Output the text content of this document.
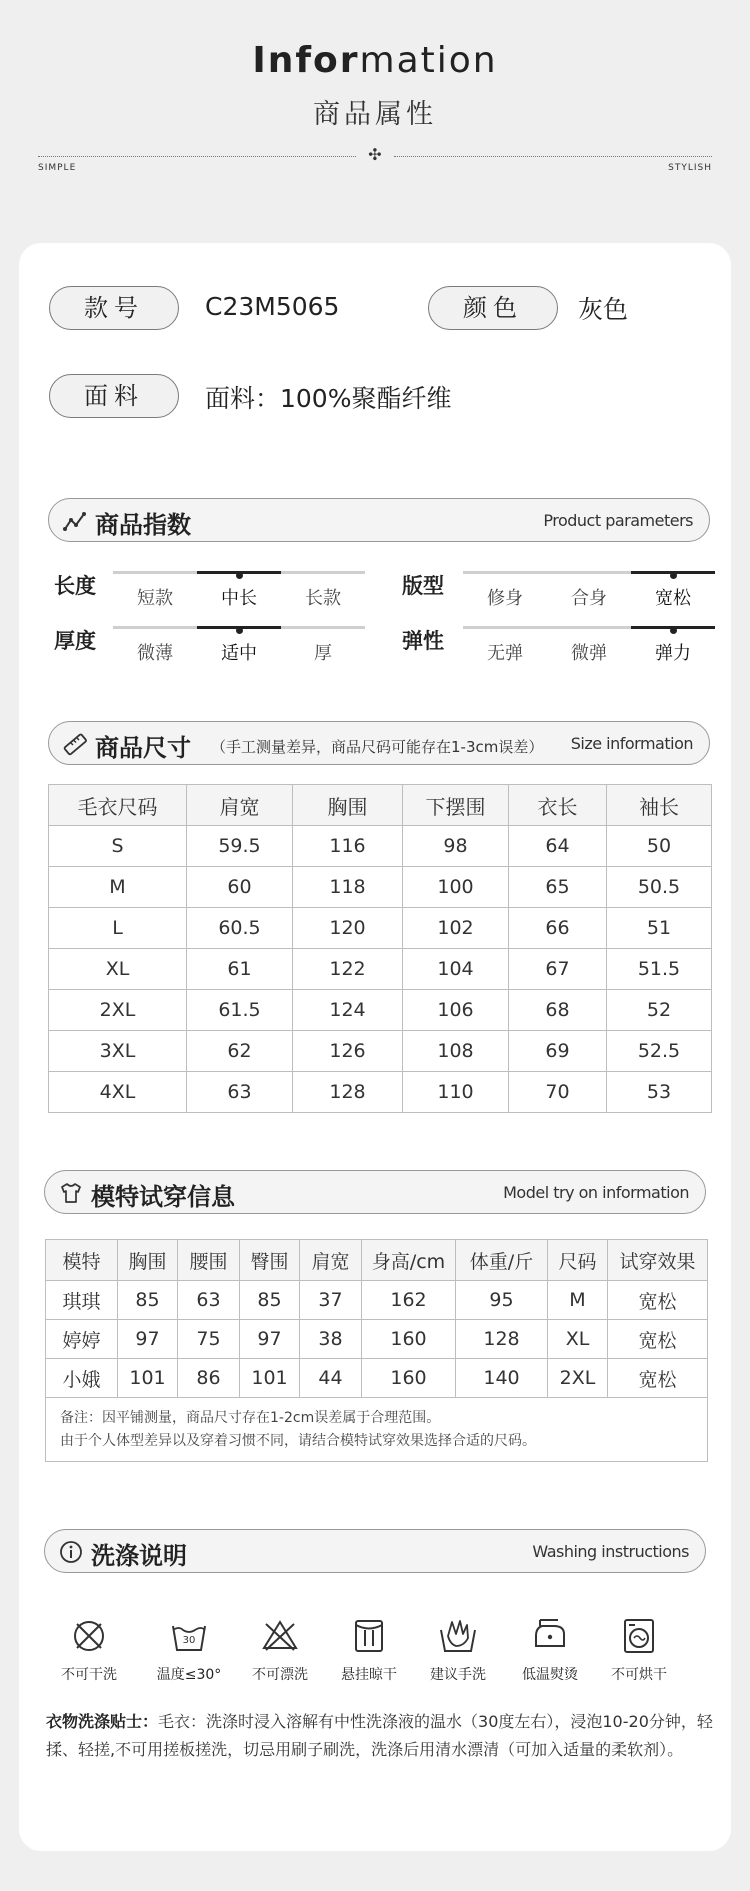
Information
商品属性
✣
SIMPLE	STYLISH
款号	C23M5065	颜色	灰色
面料	面料：100%聚酯纤维
商品指数	Product parameters
长度
短款	中长	长款
版型
修身	合身	宽松
厚度
微薄	适中	厚
弹性
无弹	微弹	弹力
商品尺寸 （手工测量差异，商品尺码可能存在1-3cm误差） Size information
毛衣尺码	肩宽	胸围	下摆围	衣长	袖长
S	59.5	116	98	64	50
M	60	118	100	65	50.5
L	60.5	120	102	66	51
XL	61	122	104	67	51.5
2XL	61.5	124	106	68	52
3XL	62	126	108	69	52.5
4XL	63	128	110	70	53
模特试穿信息	Model try on information
模特	胸围	腰围	臀围	肩宽	身高/cm	体重/斤	尺码	试穿效果
琪琪	85	63	85	37	162	95	M	宽松
婷婷	97	75	97	38	160	128	XL	宽松
小娥	101	86	101	44	160	140	2XL	宽松

备注：因平铺测量，商品尺寸存在1-2cm误差属于合理范围。
由于个人体型差异以及穿着习惯不同，请结合模特试穿效果选择合适的尺码。								
洗涤说明	Washing instructions
不可干洗
30
温度≤30°	不可漂洗	悬挂晾干	建议手洗	低温熨烫	不可烘干
衣物洗涤贴士：毛衣：洗涤时浸入溶解有中性洗涤液的温水（30度左右），浸泡10-20分钟，轻揉、轻搓,不可用搓板搓洗，切忌用刷子刷洗，洗涤后用清水漂清（可加入适量的柔软剂）。
